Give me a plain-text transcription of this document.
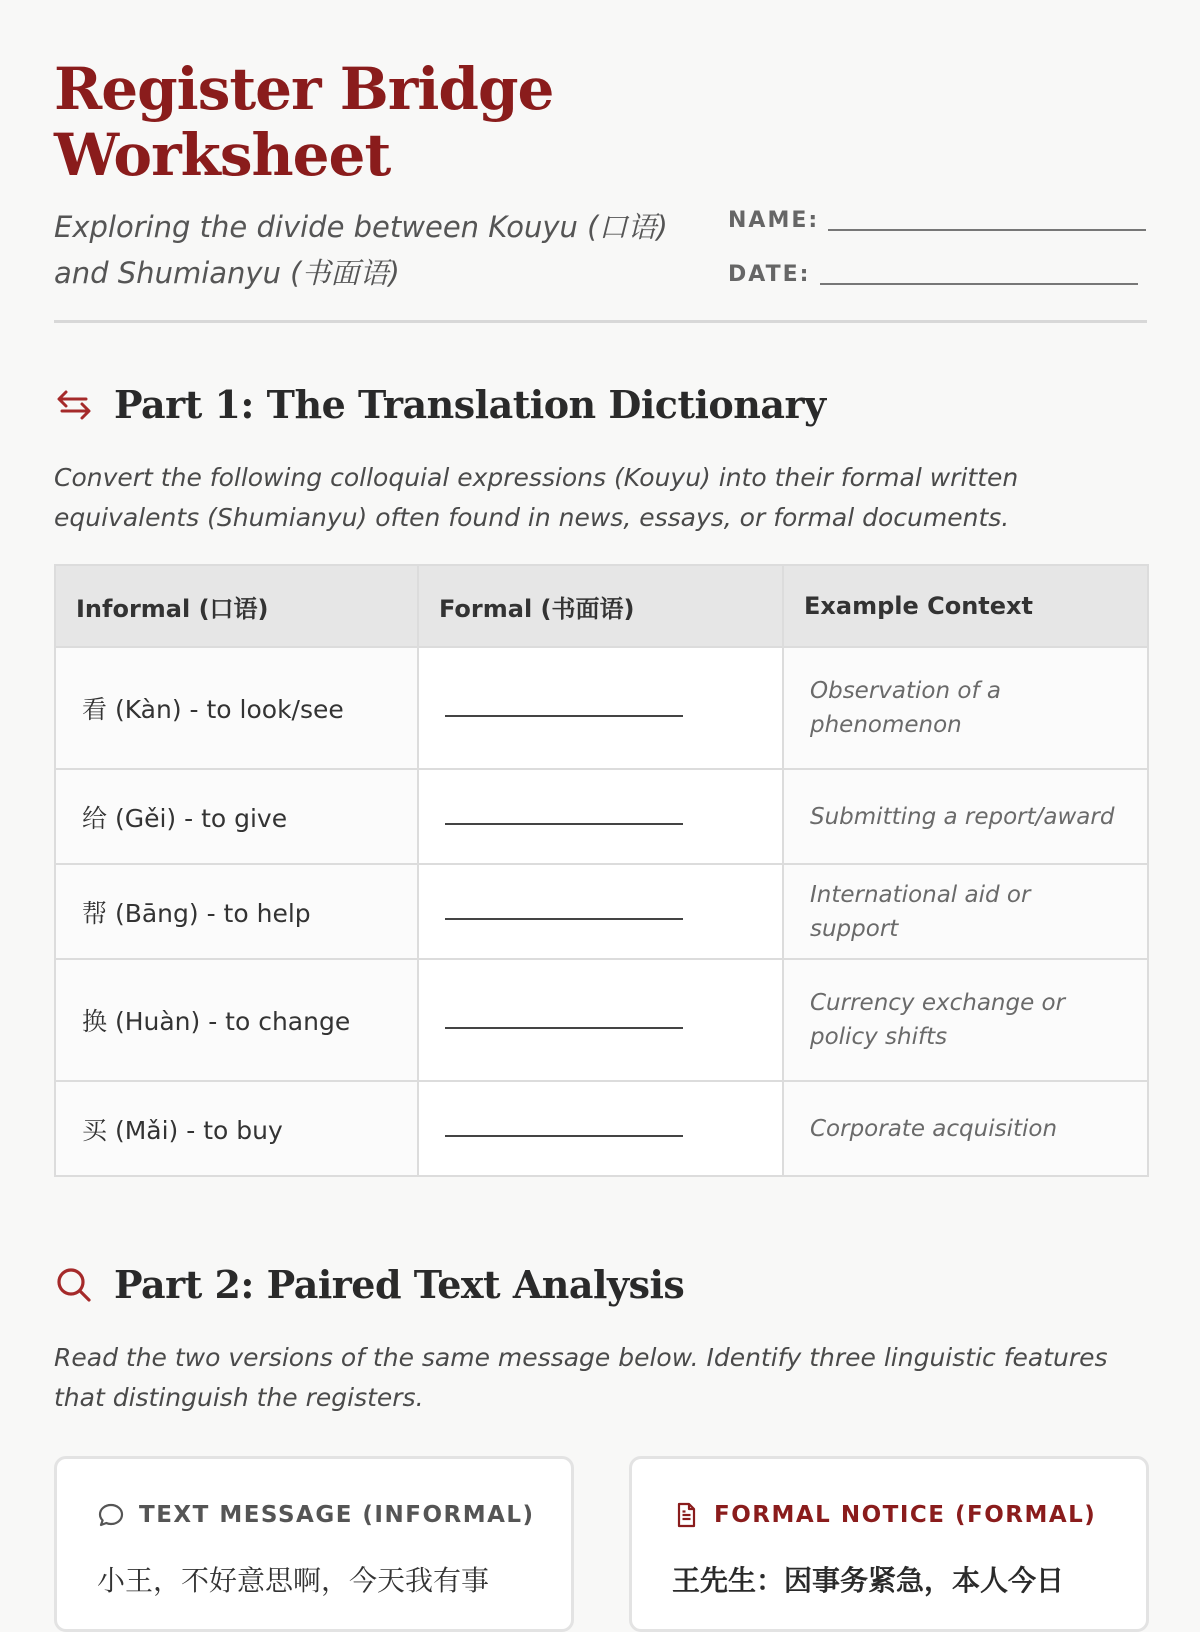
Register Bridge Worksheet
Exploring the divide between Kouyu (口语) and Shumianyu (书面语)
NAME:
DATE:
Part 1: The Translation Dictionary
Convert the following colloquial expressions (Kouyu) into their formal written equivalents (Shumianyu) often found in news, essays, or formal documents.
Informal (口语)	Formal (书面语)	Example Context
看 (Kàn) - to look/see		Observation of a phenomenon
给 (Gěi) - to give		Submitting a report/award
帮 (Bāng) - to help		International aid or support
换 (Huàn) - to change		Currency exchange or policy shifts
买 (Mǎi) - to buy		Corporate acquisition
Part 2: Paired Text Analysis
Read the two versions of the same message below. Identify three linguistic features that distinguish the registers.
TEXT MESSAGE (INFORMAL)
小王，不好意思啊，今天我有事
FORMAL NOTICE (FORMAL)
王先生：因事务紧急，本人今日
